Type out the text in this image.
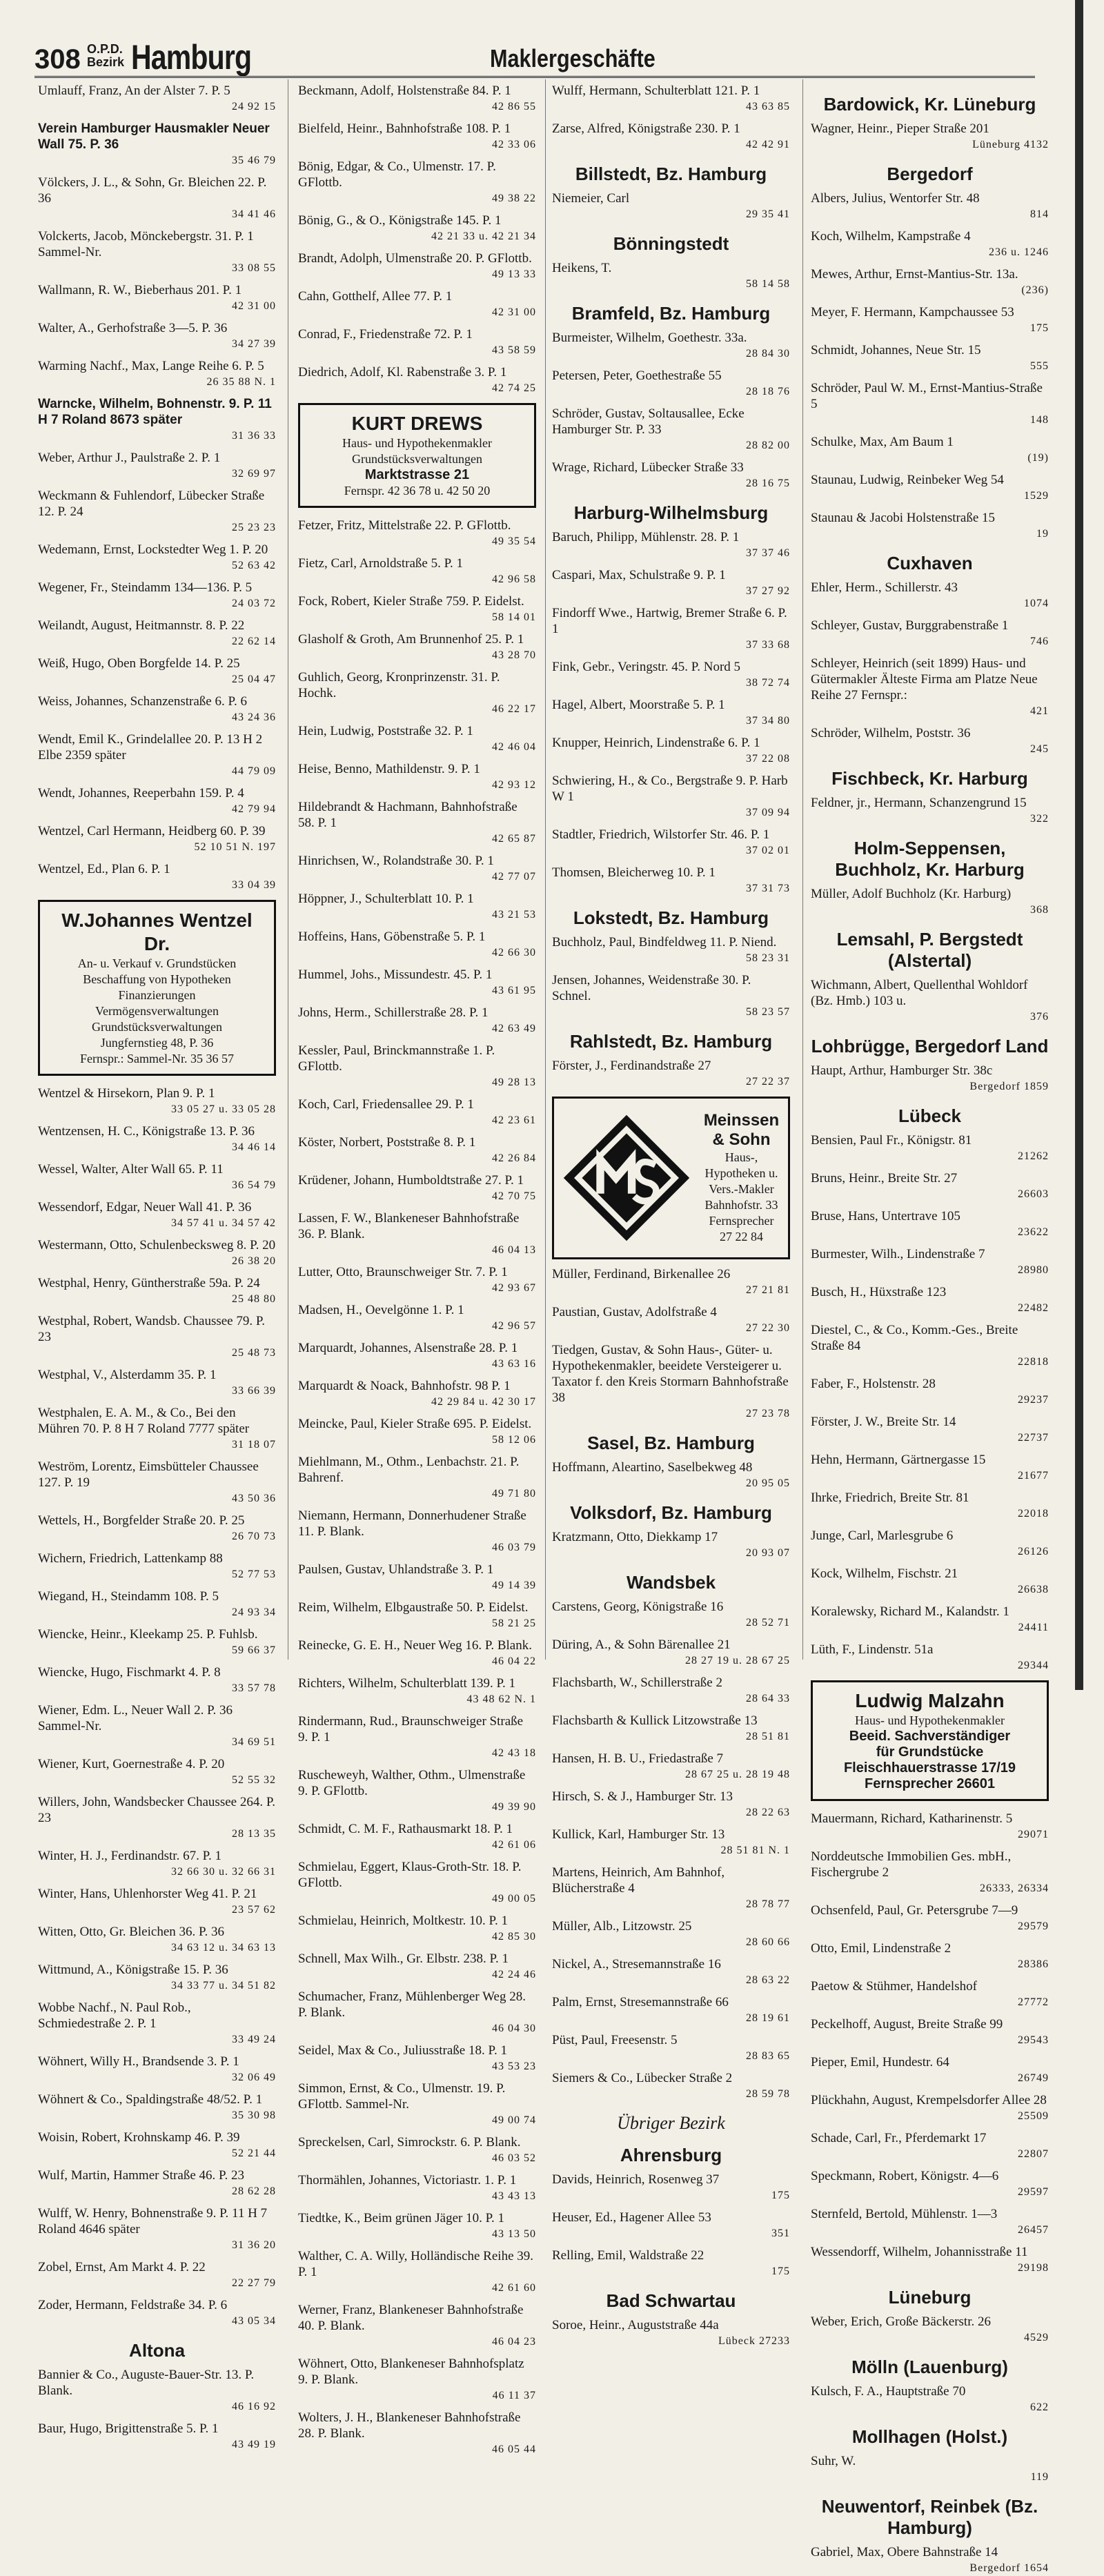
308 O.P.D.
Bezirk Hamburg	Maklergeschäfte
Umlauff, Franz, An der Alster 7. P. 5
24 92 15
Verein Hamburger Hausmakler Neuer Wall 75. P. 36
35 46 79
Völckers, J. L., & Sohn, Gr. Bleichen 22. P. 36
34 41 46
Volckerts, Jacob, Mönckebergstr. 31. P. 1 Sammel-Nr.
33 08 55
Wallmann, R. W., Bieberhaus 201. P. 1
42 31 00
Walter, A., Gerhofstraße 3—5. P. 36
34 27 39
Warming Nachf., Max, Lange Reihe 6. P. 5
26 35 88 N. 1
Warncke, Wilhelm, Bohnenstr. 9. P. 11 H 7 Roland 8673 später
31 36 33
Weber, Arthur J., Paulstraße 2. P. 1
32 69 97
Weckmann & Fuhlendorf, Lübecker Straße 12. P. 24
25 23 23
Wedemann, Ernst, Lockstedter Weg 1. P. 20
52 63 42
Wegener, Fr., Steindamm 134—136. P. 5
24 03 72
Weilandt, August, Heitmannstr. 8. P. 22
22 62 14
Weiß, Hugo, Oben Borgfelde 14. P. 25
25 04 47
Weiss, Johannes, Schanzenstraße 6. P. 6
43 24 36
Wendt, Emil K., Grindelallee 20. P. 13 H 2 Elbe 2359 später
44 79 09
Wendt, Johannes, Reeperbahn 159. P. 4
42 79 94
Wentzel, Carl Hermann, Heidberg 60. P. 39
52 10 51 N. 197
Wentzel, Ed., Plan 6. P. 1
33 04 39
W.Johannes Wentzel Dr.
An- u. Verkauf v. Grundstücken
Beschaffung von Hypotheken
Finanzierungen
Vermögensverwaltungen
Grundstücksverwaltungen
Jungfernstieg 48, P. 36
Fernspr.: Sammel-Nr. 35 36 57
Wentzel & Hirsekorn, Plan 9. P. 1
33 05 27 u. 33 05 28
Wentzensen, H. C., Königstraße 13. P. 36
34 46 14
Wessel, Walter, Alter Wall 65. P. 11
36 54 79
Wessendorf, Edgar, Neuer Wall 41. P. 36
34 57 41 u. 34 57 42
Westermann, Otto, Schulenbecksweg 8. P. 20
26 38 20
Westphal, Henry, Güntherstraße 59a. P. 24
25 48 80
Westphal, Robert, Wandsb. Chaussee 79. P. 23
25 48 73
Westphal, V., Alsterdamm 35. P. 1
33 66 39
Westphalen, E. A. M., & Co., Bei den Mühren 70. P. 8 H 7 Roland 7777 später
31 18 07
Weström, Lorentz, Eimsbütteler Chaussee 127. P. 19
43 50 36
Wettels, H., Borgfelder Straße 20. P. 25
26 70 73
Wichern, Friedrich, Lattenkamp 88
52 77 53
Wiegand, H., Steindamm 108. P. 5
24 93 34
Wiencke, Heinr., Kleekamp 25. P. Fuhlsb.
59 66 37
Wiencke, Hugo, Fischmarkt 4. P. 8
33 57 78
Wiener, Edm. L., Neuer Wall 2. P. 36 Sammel-Nr.
34 69 51
Wiener, Kurt, Goernestraße 4. P. 20
52 55 32
Willers, John, Wandsbecker Chaussee 264. P. 23
28 13 35
Winter, H. J., Ferdinandstr. 67. P. 1
32 66 30 u. 32 66 31
Winter, Hans, Uhlenhorster Weg 41. P. 21
23 57 62
Witten, Otto, Gr. Bleichen 36. P. 36
34 63 12 u. 34 63 13
Wittmund, A., Königstraße 15. P. 36
34 33 77 u. 34 51 82
Wobbe Nachf., N. Paul Rob., Schmiedestraße 2. P. 1
33 49 24
Wöhnert, Willy H., Brandsende 3. P. 1
32 06 49
Wöhnert & Co., Spaldingstraße 48/52. P. 1
35 30 98
Woisin, Robert, Krohnskamp 46. P. 39
52 21 44
Wulf, Martin, Hammer Straße 46. P. 23
28 62 28
Wulff, W. Henry, Bohnenstraße 9. P. 11 H 7 Roland 4646 später
31 36 20
Zobel, Ernst, Am Markt 4. P. 22
22 27 79
Zoder, Hermann, Feldstraße 34. P. 6
43 05 34
Altona
Bannier & Co., Auguste-Bauer-Str. 13. P. Blank.
46 16 92
Baur, Hugo, Brigittenstraße 5. P. 1
43 49 19
Beckmann, Adolf, Holstenstraße 84. P. 1
42 86 55
Bielfeld, Heinr., Bahnhofstraße 108. P. 1
42 33 06
Bönig, Edgar, & Co., Ulmenstr. 17. P. GFlottb.
49 38 22
Bönig, G., & O., Königstraße 145. P. 1
42 21 33 u. 42 21 34
Brandt, Adolph, Ulmenstraße 20. P. GFlottb.
49 13 33
Cahn, Gotthelf, Allee 77. P. 1
42 31 00
Conrad, F., Friedenstraße 72. P. 1
43 58 59
Diedrich, Adolf, Kl. Rabenstraße 3. P. 1
42 74 25
KURT DREWS
Haus- und Hypothekenmakler
Grundstücksverwaltungen
Marktstrasse 21
Fernspr. 42 36 78 u. 42 50 20
Fetzer, Fritz, Mittelstraße 22. P. GFlottb.
49 35 54
Fietz, Carl, Arnoldstraße 5. P. 1
42 96 58
Fock, Robert, Kieler Straße 759. P. Eidelst.
58 14 01
Glasholf & Groth, Am Brunnenhof 25. P. 1
43 28 70
Guhlich, Georg, Kronprinzenstr. 31. P. Hochk.
46 22 17
Hein, Ludwig, Poststraße 32. P. 1
42 46 04
Heise, Benno, Mathildenstr. 9. P. 1
42 93 12
Hildebrandt & Hachmann, Bahnhofstraße 58. P. 1
42 65 87
Hinrichsen, W., Rolandstraße 30. P. 1
42 77 07
Höppner, J., Schulterblatt 10. P. 1
43 21 53
Hoffeins, Hans, Göbenstraße 5. P. 1
42 66 30
Hummel, Johs., Missundestr. 45. P. 1
43 61 95
Johns, Herm., Schillerstraße 28. P. 1
42 63 49
Kessler, Paul, Brinckmannstraße 1. P. GFlottb.
49 28 13
Koch, Carl, Friedensallee 29. P. 1
42 23 61
Köster, Norbert, Poststraße 8. P. 1
42 26 84
Krüdener, Johann, Humboldtstraße 27. P. 1
42 70 75
Lassen, F. W., Blankeneser Bahnhofstraße 36. P. Blank.
46 04 13
Lutter, Otto, Braunschweiger Str. 7. P. 1
42 93 67
Madsen, H., Oevelgönne 1. P. 1
42 96 57
Marquardt, Johannes, Alsenstraße 28. P. 1
43 63 16
Marquardt & Noack, Bahnhofstr. 98 P. 1
42 29 84 u. 42 30 17
Meincke, Paul, Kieler Straße 695. P. Eidelst.
58 12 06
Miehlmann, M., Othm., Lenbachstr. 21. P. Bahrenf.
49 71 80
Niemann, Hermann, Donnerhudener Straße 11. P. Blank.
46 03 79
Paulsen, Gustav, Uhlandstraße 3. P. 1
49 14 39
Reim, Wilhelm, Elbgaustraße 50. P. Eidelst.
58 21 25
Reinecke, G. E. H., Neuer Weg 16. P. Blank.
46 04 22
Richters, Wilhelm, Schulterblatt 139. P. 1
43 48 62 N. 1
Rindermann, Rud., Braunschweiger Straße 9. P. 1
42 43 18
Ruscheweyh, Walther, Othm., Ulmenstraße 9. P. GFlottb.
49 39 90
Schmidt, C. M. F., Rathausmarkt 18. P. 1
42 61 06
Schmielau, Eggert, Klaus-Groth-Str. 18. P. GFlottb.
49 00 05
Schmielau, Heinrich, Moltkestr. 10. P. 1
42 85 30
Schnell, Max Wilh., Gr. Elbstr. 238. P. 1
42 24 46
Schumacher, Franz, Mühlenberger Weg 28. P. Blank.
46 04 30
Seidel, Max & Co., Juliusstraße 18. P. 1
43 53 23
Simmon, Ernst, & Co., Ulmenstr. 19. P. GFlottb. Sammel-Nr.
49 00 74
Spreckelsen, Carl, Simrockstr. 6. P. Blank.
46 03 52
Thormählen, Johannes, Victoriastr. 1. P. 1
43 43 13
Tiedtke, K., Beim grünen Jäger 10. P. 1
43 13 50
Walther, C. A. Willy, Holländische Reihe 39. P. 1
42 61 60
Werner, Franz, Blankeneser Bahnhofstraße 40. P. Blank.
46 04 23
Wöhnert, Otto, Blankeneser Bahnhofsplatz 9. P. Blank.
46 11 37
Wolters, J. H., Blankeneser Bahnhofstraße 28. P. Blank.
46 05 44
Wulff, Hermann, Schulterblatt 121. P. 1
43 63 85
Zarse, Alfred, Königstraße 230. P. 1
42 42 91
Billstedt, Bz. Hamburg
Niemeier, Carl
29 35 41
Bönningstedt
Heikens, T.
58 14 58
Bramfeld, Bz. Hamburg
Burmeister, Wilhelm, Goethestr. 33a.
28 84 30
Petersen, Peter, Goethestraße 55
28 18 76
Schröder, Gustav, Soltausallee, Ecke Hamburger Str. P. 33
28 82 00
Wrage, Richard, Lübecker Straße 33
28 16 75
Harburg-Wilhelmsburg
Baruch, Philipp, Mühlenstr. 28. P. 1
37 37 46
Caspari, Max, Schulstraße 9. P. 1
37 27 92
Findorff Wwe., Hartwig, Bremer Straße 6. P. 1
37 33 68
Fink, Gebr., Veringstr. 45. P. Nord 5
38 72 74
Hagel, Albert, Moorstraße 5. P. 1
37 34 80
Knupper, Heinrich, Lindenstraße 6. P. 1
37 22 08
Schwiering, H., & Co., Bergstraße 9. P. Harb W 1
37 09 94
Stadtler, Friedrich, Wilstorfer Str. 46. P. 1
37 02 01
Thomsen, Bleicherweg 10. P. 1
37 31 73
Lokstedt, Bz. Hamburg
Buchholz, Paul, Bindfeldweg 11. P. Niend.
58 23 31
Jensen, Johannes, Weidenstraße 30. P. Schnel.
58 23 57
Rahlstedt, Bz. Hamburg
Förster, J., Ferdinandstraße 27
27 22 37
Meinssen
& Sohn
Haus-, Hypotheken u.
Vers.-Makler
Bahnhofstr. 33
Fernsprecher
27 22 84
Müller, Ferdinand, Birkenallee 26
27 21 81
Paustian, Gustav, Adolfstraße 4
27 22 30
Tiedgen, Gustav, & Sohn Haus-, Güter- u. Hypothekenmakler, beeidete Versteigerer u. Taxator f. den Kreis Stormarn Bahnhofstraße 38
27 23 78
Sasel, Bz. Hamburg
Hoffmann, Aleartino, Saselbekweg 48
20 95 05
Volksdorf, Bz. Hamburg
Kratzmann, Otto, Diekkamp 17
20 93 07
Wandsbek
Carstens, Georg, Königstraße 16
28 52 71
Düring, A., & Sohn Bärenallee 21
28 27 19 u. 28 67 25
Flachsbarth, W., Schillerstraße 2
28 64 33
Flachsbarth & Kullick Litzowstraße 13
28 51 81
Hansen, H. B. U., Friedastraße 7
28 67 25 u. 28 19 48
Hirsch, S. & J., Hamburger Str. 13
28 22 63
Kullick, Karl, Hamburger Str. 13
28 51 81 N. 1
Martens, Heinrich, Am Bahnhof, Blücherstraße 4
28 78 77
Müller, Alb., Litzowstr. 25
28 60 66
Nickel, A., Stresemannstraße 16
28 63 22
Palm, Ernst, Stresemannstraße 66
28 19 61
Püst, Paul, Freesenstr. 5
28 83 65
Siemers & Co., Lübecker Straße 2
28 59 78
Übriger Bezirk
Ahrensburg
Davids, Heinrich, Rosenweg 37
175
Heuser, Ed., Hagener Allee 53
351
Relling, Emil, Waldstraße 22
175
Bad Schwartau
Soroe, Heinr., Auguststraße 44a
Lübeck 27233
Bardowick, Kr. Lüneburg
Wagner, Heinr., Pieper Straße 201
Lüneburg 4132
Bergedorf
Albers, Julius, Wentorfer Str. 48
814
Koch, Wilhelm, Kampstraße 4
236 u. 1246
Mewes, Arthur, Ernst-Mantius-Str. 13a.
(236)
Meyer, F. Hermann, Kampchaussee 53
175
Schmidt, Johannes, Neue Str. 15
555
Schröder, Paul W. M., Ernst-Mantius-Straße 5
148
Schulke, Max, Am Baum 1
(19)
Staunau, Ludwig, Reinbeker Weg 54
1529
Staunau & Jacobi Holstenstraße 15
19
Cuxhaven
Ehler, Herm., Schillerstr. 43
1074
Schleyer, Gustav, Burggrabenstraße 1
746
Schleyer, Heinrich (seit 1899) Haus- und Gütermakler Älteste Firma am Platze Neue Reihe 27 Fernspr.:
421
Schröder, Wilhelm, Poststr. 36
245
Fischbeck, Kr. Harburg
Feldner, jr., Hermann, Schanzengrund 15
322
Holm-Seppensen, Buchholz, Kr. Harburg
Müller, Adolf Buchholz (Kr. Harburg)
368
Lemsahl, P. Bergstedt (Alstertal)
Wichmann, Albert, Quellenthal Wohldorf (Bz. Hmb.) 103 u.
376
Lohbrügge, Bergedorf Land
Haupt, Arthur, Hamburger Str. 38c
Bergedorf 1859
Lübeck
Bensien, Paul Fr., Königstr. 81
21262
Bruns, Heinr., Breite Str. 27
26603
Bruse, Hans, Untertrave 105
23622
Burmester, Wilh., Lindenstraße 7
28980
Busch, H., Hüxstraße 123
22482
Diestel, C., & Co., Komm.-Ges., Breite Straße 84
22818
Faber, F., Holstenstr. 28
29237
Förster, J. W., Breite Str. 14
22737
Hehn, Hermann, Gärtnergasse 15
21677
Ihrke, Friedrich, Breite Str. 81
22018
Junge, Carl, Marlesgrube 6
26126
Kock, Wilhelm, Fischstr. 21
26638
Koralewsky, Richard M., Kalandstr. 1
24411
Lüth, F., Lindenstr. 51a
29344
Ludwig Malzahn
Haus- und Hypothekenmakler
Beeid. Sachverständiger
für Grundstücke
Fleischhauerstrasse 17/19
Fernsprecher 26601
Mauermann, Richard, Katharinenstr. 5
29071
Norddeutsche Immobilien Ges. mbH., Fischergrube 2
26333, 26334
Ochsenfeld, Paul, Gr. Petersgrube 7—9
29579
Otto, Emil, Lindenstraße 2
28386
Paetow & Stühmer, Handelshof
27772
Peckelhoff, August, Breite Straße 99
29543
Pieper, Emil, Hundestr. 64
26749
Plückhahn, August, Krempelsdorfer Allee 28
25509
Schade, Carl, Fr., Pferdemarkt 17
22807
Speckmann, Robert, Königstr. 4—6
29597
Sternfeld, Bertold, Mühlenstr. 1—3
26457
Wessendorff, Wilhelm, Johannisstraße 11
29198
Lüneburg
Weber, Erich, Große Bäckerstr. 26
4529
Mölln (Lauenburg)
Kulsch, F. A., Hauptstraße 70
622
Mollhagen (Holst.)
Suhr, W.
119
Neuwentorf, Reinbek (Bz. Hamburg)
Gabriel, Max, Obere Bahnstraße 14
Bergedorf 1654
